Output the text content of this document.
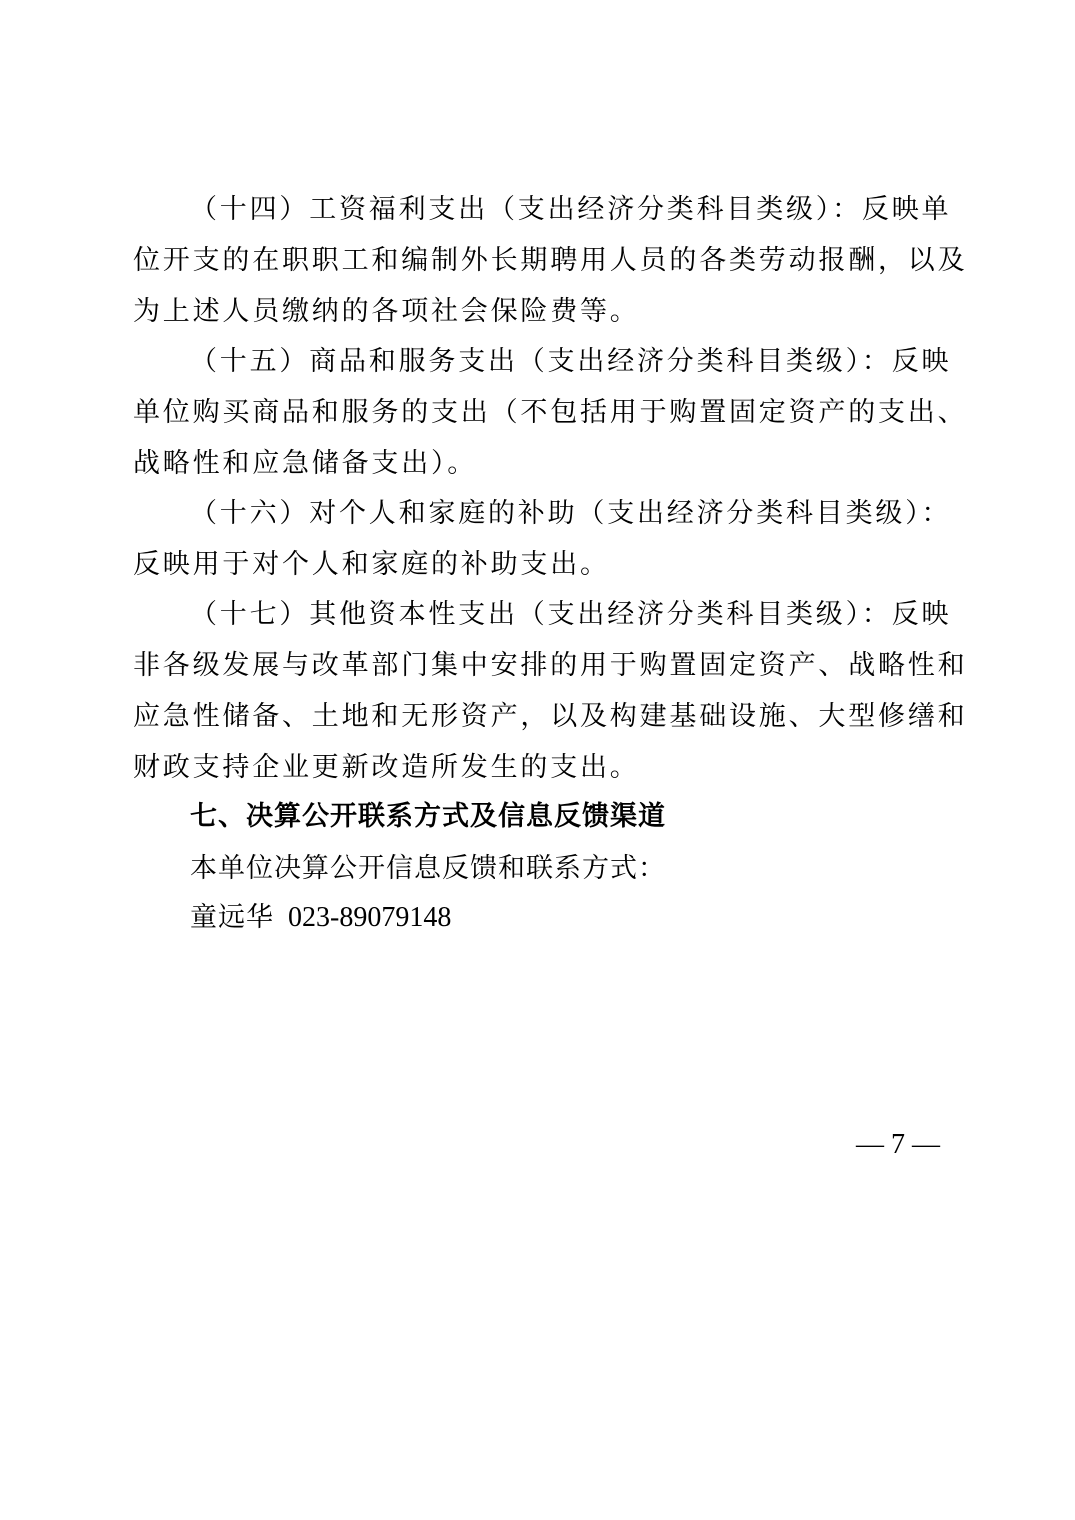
（十四）工资福利支出（支出经济分类科目类级）：反映单
位开支的在职职工和编制外长期聘用人员的各类劳动报酬，以及
为上述人员缴纳的各项社会保险费等。
（十五）商品和服务支出（支出经济分类科目类级）：反映
单位购买商品和服务的支出（不包括用于购置固定资产的支出、
战略性和应急储备支出）。
（十六）对个人和家庭的补助（支出经济分类科目类级）：
反映用于对个人和家庭的补助支出。
（十七）其他资本性支出（支出经济分类科目类级）：反映
非各级发展与改革部门集中安排的用于购置固定资产、战略性和
应急性储备、土地和无形资产，以及构建基础设施、大型修缮和
财政支持企业更新改造所发生的支出。
七、决算公开联系方式及信息反馈渠道
本单位决算公开信息反馈和联系方式：
童远华 023-89079148
— 7 —
